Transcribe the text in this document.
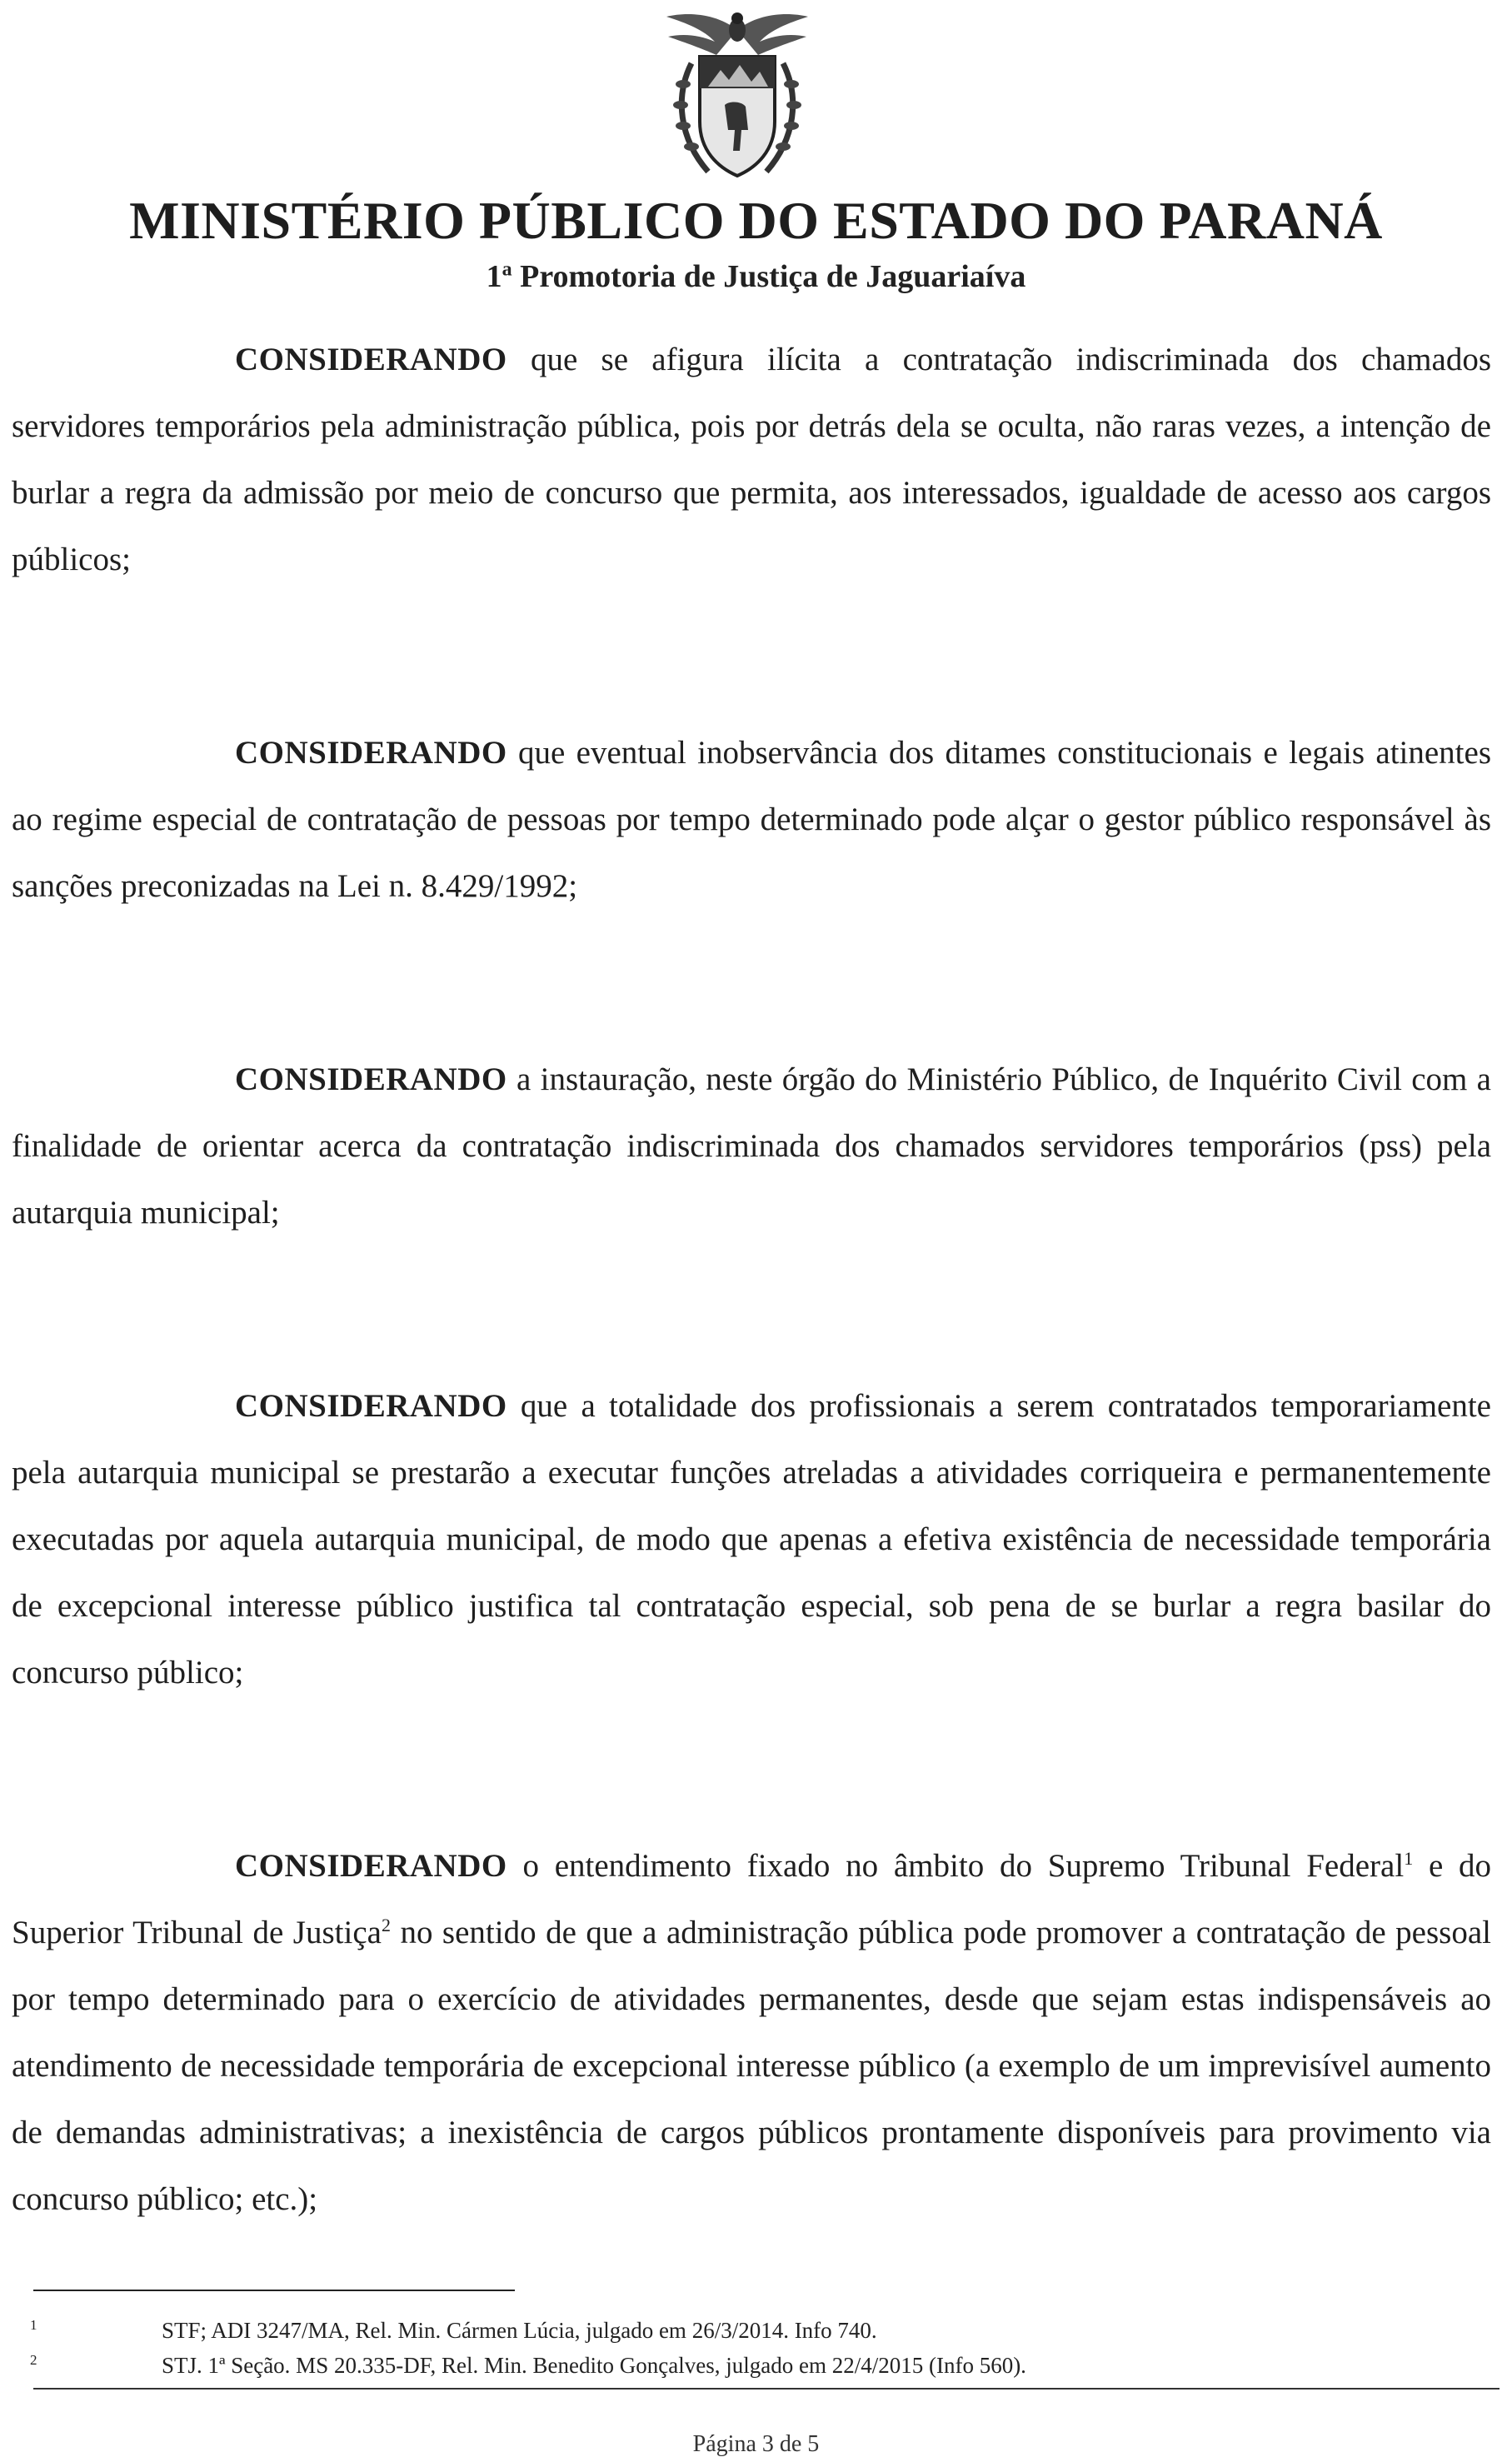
MINISTÉRIO PÚBLICO DO ESTADO DO PARANÁ
1$^a$ Promotoria de Justiça de Jaguariaíva

CONSIDERANDO que se afigura ilícita a contratação indiscriminada dos chamados servidores temporários pela administração pública, pois por detrás dela se oculta, não raras vezes, a intenção de burlar a regra da admissão por meio de concurso que permita, aos interessados, igualdade de acesso aos cargos públicos;

CONSIDERANDO que eventual inobservância dos ditames constitucionais e legais atinentes ao regime especial de contratação de pessoas por tempo determinado pode alçar o gestor público responsável às sanções preconizadas na Lei n. 8.429/1992;

CONSIDERANDO a instauração, neste órgão do Ministério Público, de Inquérito Civil com a finalidade de orientar acerca da contratação indiscriminada dos chamados servidores temporários (pss) pela autarquia municipal;

CONSIDERANDO que a totalidade dos profissionais a serem contratados temporariamente pela autarquia municipal se prestarão a executar funções atreladas a atividades corriqueira e permanentemente executadas por aquela autarquia municipal, de modo que apenas a efetiva existência de necessidade temporária de excepcional interesse público justifica tal contratação especial, sob pena de se burlar a regra basilar do concurso público;

CONSIDERANDO o entendimento fixado no âmbito do Supremo Tribunal Federal$^1$ e do Superior Tribunal de Justiça$^2$ no sentido de que a administração pública pode promover a contratação de pessoal por tempo determinado para o exercício de atividades permanentes, desde que sejam estas indispensáveis ao atendimento de necessidade temporária de excepcional interesse público (a exemplo de um imprevisível aumento de demandas administrativas; a inexistência de cargos públicos prontamente disponíveis para provimento via concurso público; etc.);

1	STF; ADI 3247/MA, Rel. Min. Cármen Lúcia, julgado em 26/3/2014. Info 740.
2	STJ. 1ª Seção. MS 20.335-DF, Rel. Min. Benedito Gonçalves, julgado em 22/4/2015 (Info 560).
Página 3 de 5
